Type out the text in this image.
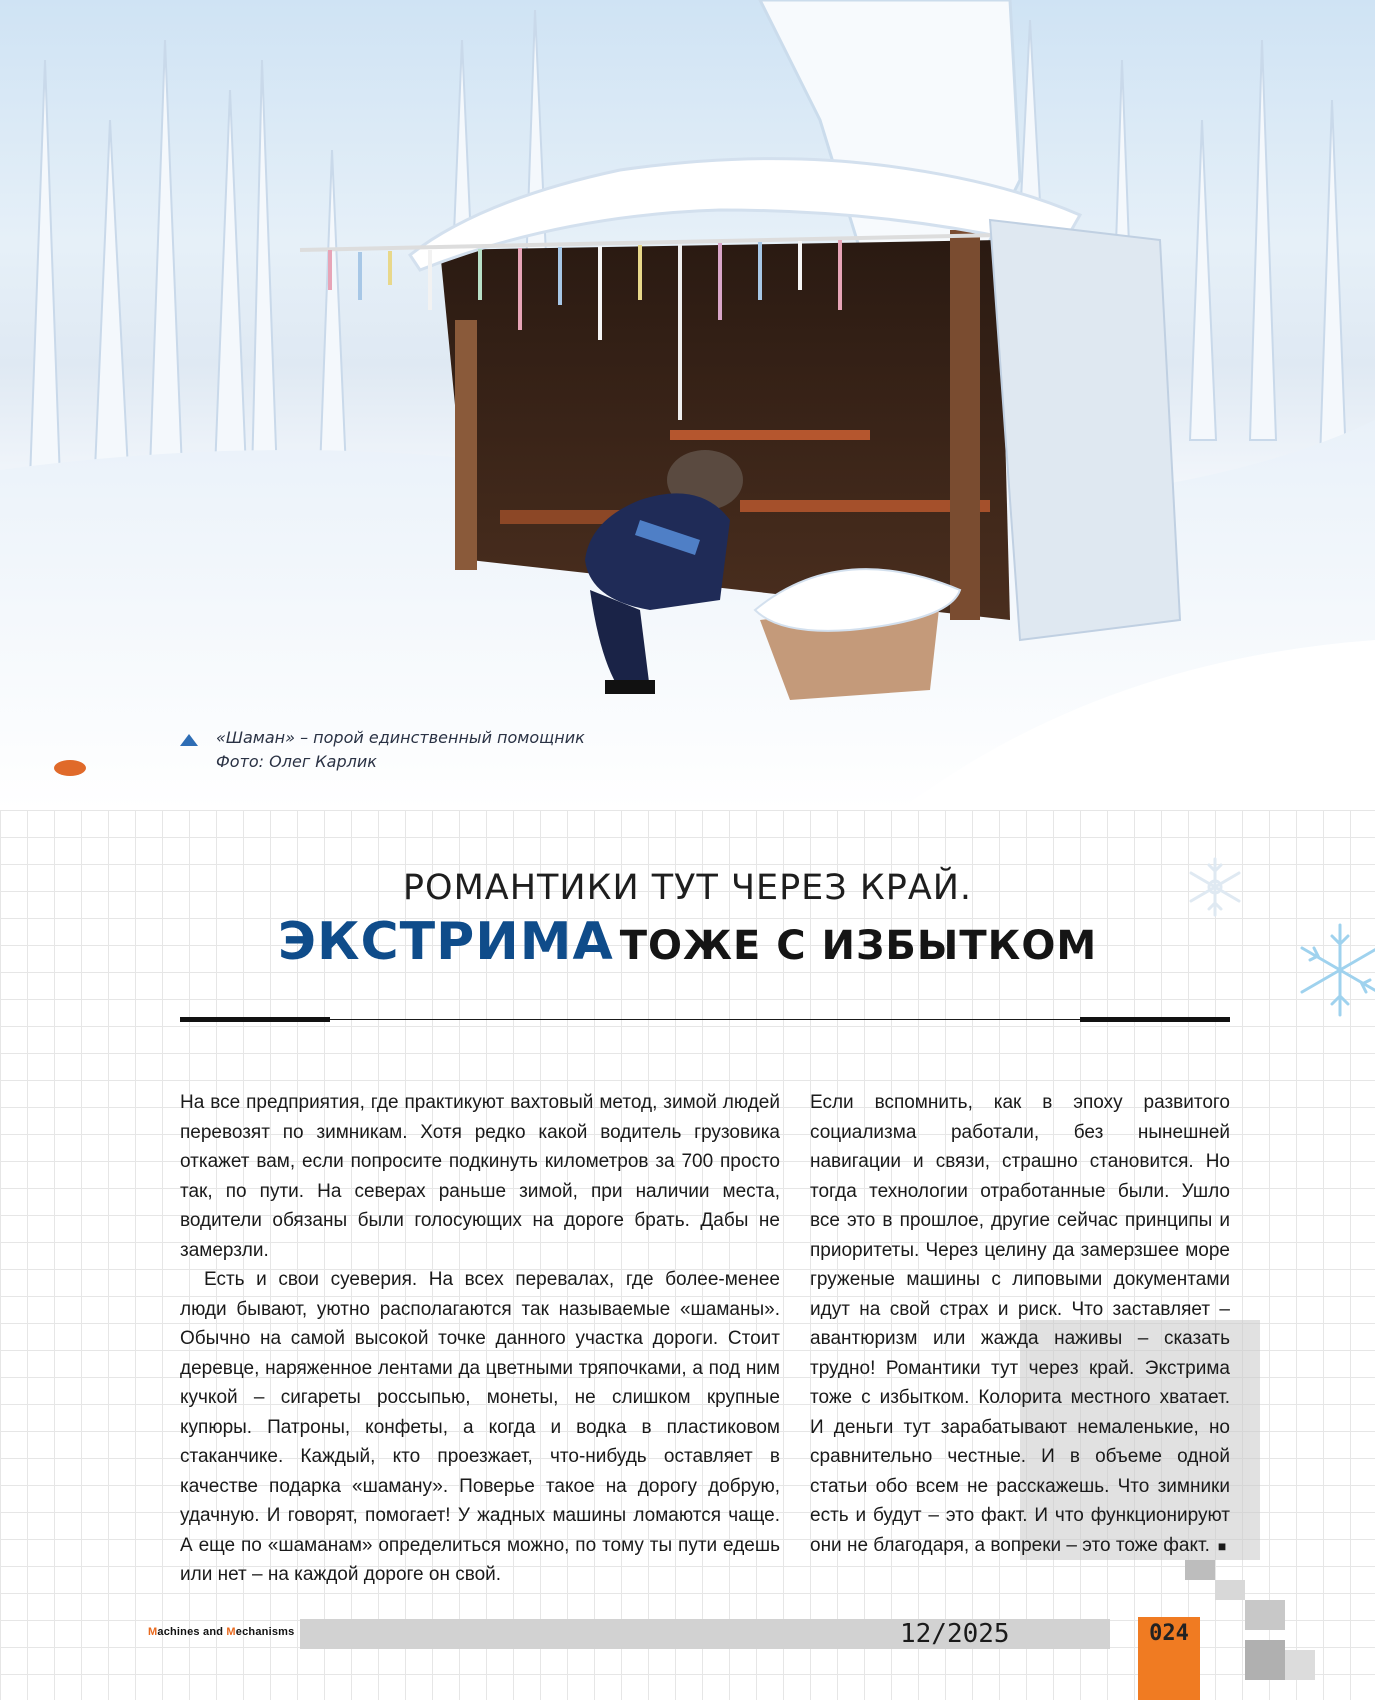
«Шаман» – порой единственный помощник
Фото: Олег Карлик
РОМАНТИКИ ТУТ ЧЕРЕЗ КРАЙ.
ЭКСТРИМА ТОЖЕ С ИЗБЫТКОМ

На все предприятия, где практикуют вахтовый метод, зимой людей перевозят по зимникам. Хотя редко какой водитель грузовика откажет вам, если попросите подкинуть километров за 700 просто так, по пути. На северах раньше зимой, при наличии места, водители обязаны были голосующих на дороге брать. Дабы не замерзли.

Есть и свои суеверия. На всех перевалах, где более-менее люди бывают, уютно располагаются так называемые «шаманы». Обычно на самой высокой точке данного участка дороги. Стоит деревце, наряженное лентами да цветными тряпочками, а под ним кучкой – сигареты россыпью, монеты, не слишком крупные купюры. Патроны, конфеты, а когда и водка в пластиковом стаканчике. Каждый, кто проезжает, что-нибудь оставляет в качестве подарка «шаману». Поверье такое на дорогу добрую, удачную. И говорят, помогает! У жадных машины ломаются чаще. А еще по «шаманам» определиться можно, по тому ты пути едешь или нет – на каждой дороге он свой.

Если вспомнить, как в эпоху развитого социализма работали, без нынешней навигации и связи, страшно становится. Но тогда технологии отработанные были. Ушло все это в прошлое, другие сейчас принципы и приоритеты. Через целину да замерзшее море груженые машины с липовыми документами идут на свой страх и риск. Что заставляет – авантюризм или жажда наживы – сказать трудно! Романтики тут через край. Экстрима тоже с избытком. Колорита местного хватает. И деньги тут зарабатывают немаленькие, но сравнительно честные. И в объеме одной статьи обо всем не расскажешь. Что зимники есть и будут – это факт. И что функционируют они не благодаря, а вопреки – это тоже факт. ■

Machines and Mechanisms	12/2025	024
